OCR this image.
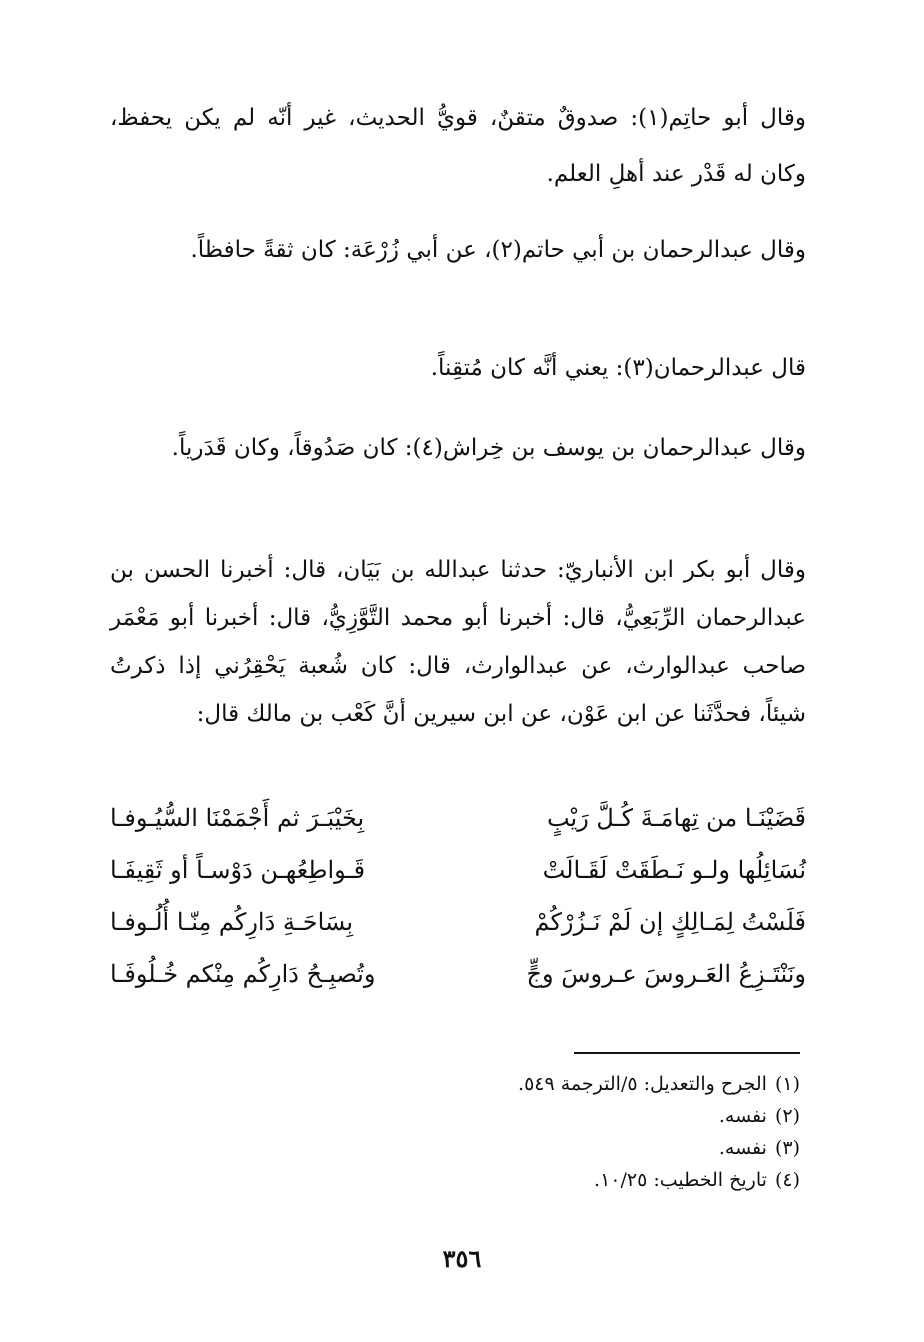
وقال أبو حاتِم(١): صدوقٌ متقنٌ، قويُّ الحديث، غير أنّه لم يكن يحفظ، وكان له قَدْر عند أهلِ العلم.
وقال عبدالرحمان بن أبي حاتم(٢)، عن أبي زُرْعَة: كان ثقةً حافظاً.
قال عبدالرحمان(٣): يعني أنَّه كان مُتقِناً.
وقال عبدالرحمان بن يوسف بن خِراش(٤): كان صَدُوقاً، وكان قَدَرياً.
وقال أبو بكر ابن الأنباريّ: حدثنا عبدالله بن بَيَان، قال: أخبرنا الحسن بن عبدالرحمان الرِّبَعِيُّ، قال: أخبرنا أبو محمد التَّوَّزِيُّ، قال: أخبرنا أبو مَعْمَر صاحب عبدالوارث، عن عبدالوارث، قال: كان شُعبة يَحْقِرُني إذا ذكرتُ شيئاً، فحدَّثَنا عن ابن عَوْن، عن ابن سيرين أنَّ كَعْب بن مالك قال:
قَضَيْنَـا من تِهامَـةَ كُـلَّ رَيْبٍ
بِخَيْبَـرَ ثم أَجْمَمْنَا السُّيُـوفـا
نُسَائِلُها ولـو نَـطَقَتْ لَقَـالَتْ
قَـواطِعُهـن دَوْسـاً أو ثَقِيفَـا
فَلَسْتُ لِمَـالِكٍ إن لَمْ نَـزُرْكُمْ
بِسَاحَـةِ دَارِكُم مِنّـا أُلُـوفـا
ونَنْتَـزِعُ العَـروسَ عـروسَ وجٍّ
وتُصبِـحُ دَارِكُم مِنْكم خُـلُوفَـا
(١)
الجرح والتعديل: ٥/الترجمة ٥٤٩.
(٢)
نفسه.
(٣)
نفسه.
(٤)
تاريخ الخطيب: ١٠/٢٥.
٣٥٦
